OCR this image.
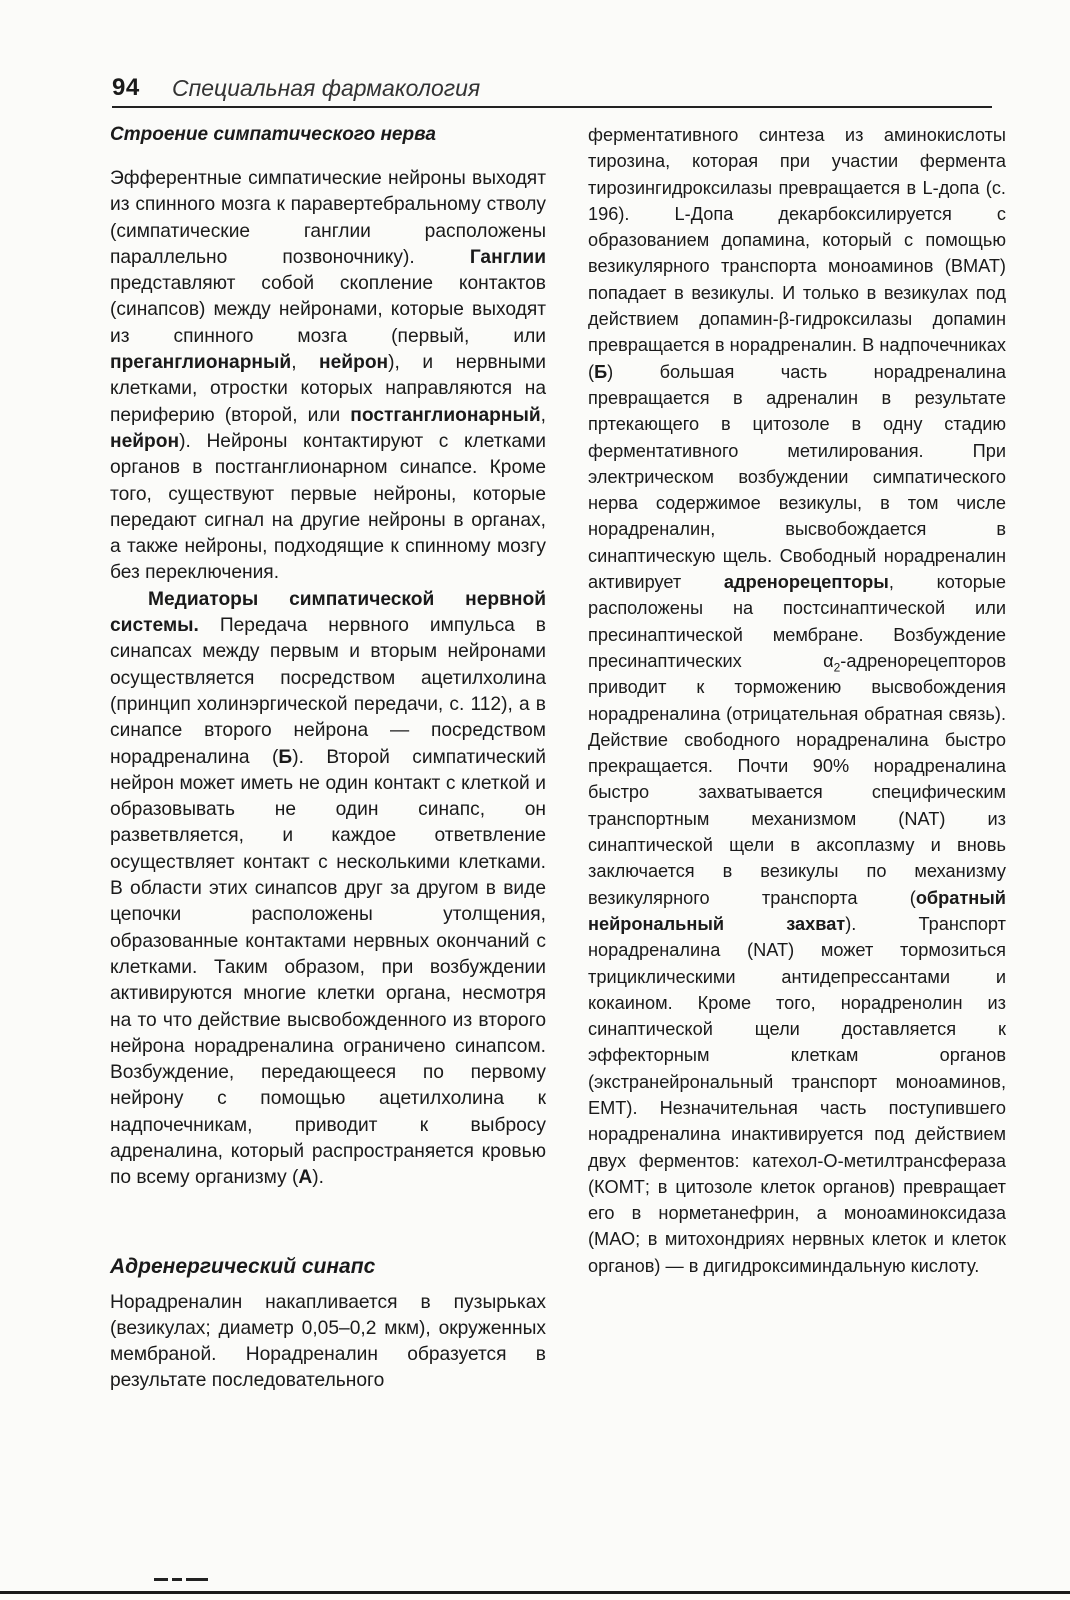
94 Специальная фармакология
Строение симпатического нерва

Эфферентные симпатические нейроны выходят из спинного мозга к паравертебральному стволу (симпатические ганглии расположены параллельно позвоночнику). Ганглии представляют собой скопление контактов (синапсов) между нейронами, которые выходят из спинного мозга (первый, или преганглионарный, нейрон), и нервными клетками, отростки которых направляются на периферию (второй, или постганглионарный, нейрон). Нейроны контактируют с клетками органов в постганглионарном синапсе. Кроме того, существуют первые нейроны, которые передают сигнал на другие нейроны в органах, а также нейроны, подходящие к спинному мозгу без переключения.

Медиаторы симпатической нервной системы. Передача нервного импульса в синапсах между первым и вторым нейронами осуществляется посредством ацетилхолина (принцип холинэргической передачи, с. 112), а в синапсе второго нейрона — посредством норадреналина (Б). Второй симпатический нейрон может иметь не один контакт с клеткой и образовывать не один синапс, он разветвляется, и каждое ответвление осуществляет контакт с несколькими клетками. В области этих синапсов друг за другом в виде цепочки расположены утолщения, образованные контактами нервных окончаний с клетками. Таким образом, при возбуждении активируются многие клетки органа, несмотря на то что действие высвобожденного из второго нейрона норадреналина ограничено синапсом. Возбуждение, передающееся по первому нейрону с помощью ацетилхолина к надпочечникам, приводит к выбросу адреналина, который распространяется кровью по всему организму (А).

Адренергический синапс

Норадреналин накапливается в пузырьках (везикулах; диаметр 0,05–0,2 мкм), окруженных мембраной. Норадреналин образуется в результате последовательного

ферментативного синтеза из аминокислоты тирозина, которая при участии фермента тирозингидроксилазы превращается в L-допа (с. 196). L-Допа декарбоксилируется с образованием допамина, который с помощью везикулярного транспорта моноаминов (ВМАТ) попадает в везикулы. И только в везикулах под действием допамин-β-гидроксилазы допамин превращается в норадреналин. В надпочечниках (Б) большая часть норадреналина превращается в адреналин в результате пртекающего в цитозоле в одну стадию ферментативного метилирования. При электрическом возбуждении симпатического нерва содержимое везикулы, в том числе норадреналин, высвобождается в синаптическую щель. Свободный норадреналин активирует адренорецепторы, которые расположены на постсинаптической или пресинаптической мембране. Возбуждение пресинаптических $\alpha_2$-адренорецепторов приводит к торможению высвобождения норадреналина (отрицательная обратная связь). Действие свободного норадреналина быстро прекращается. Почти 90% норадреналина быстро захватывается специфическим транспортным механизмом (NAT) из синаптической щели в аксоплазму и вновь заключается в везикулы по механизму везикулярного транспорта (обратный нейрональный захват). Транспорт норадреналина (NAT) может тормозиться трициклическими антидепрессантами и кокаином. Кроме того, норадренолин из синаптической щели доставляется к эффекторным клеткам органов (экстранейрональный транспорт моноаминов, EMT). Незначительная часть поступившего норадреналина инактивируется под действием двух ферментов: катехол-О-метилтрансфераза (КОМТ; в цитозоле клеток органов) превращает его в норметанефрин, а моноаминоксидаза (МАО; в митохондриях нервных клеток и клеток органов) — в дигидроксиминдальную кислоту.
